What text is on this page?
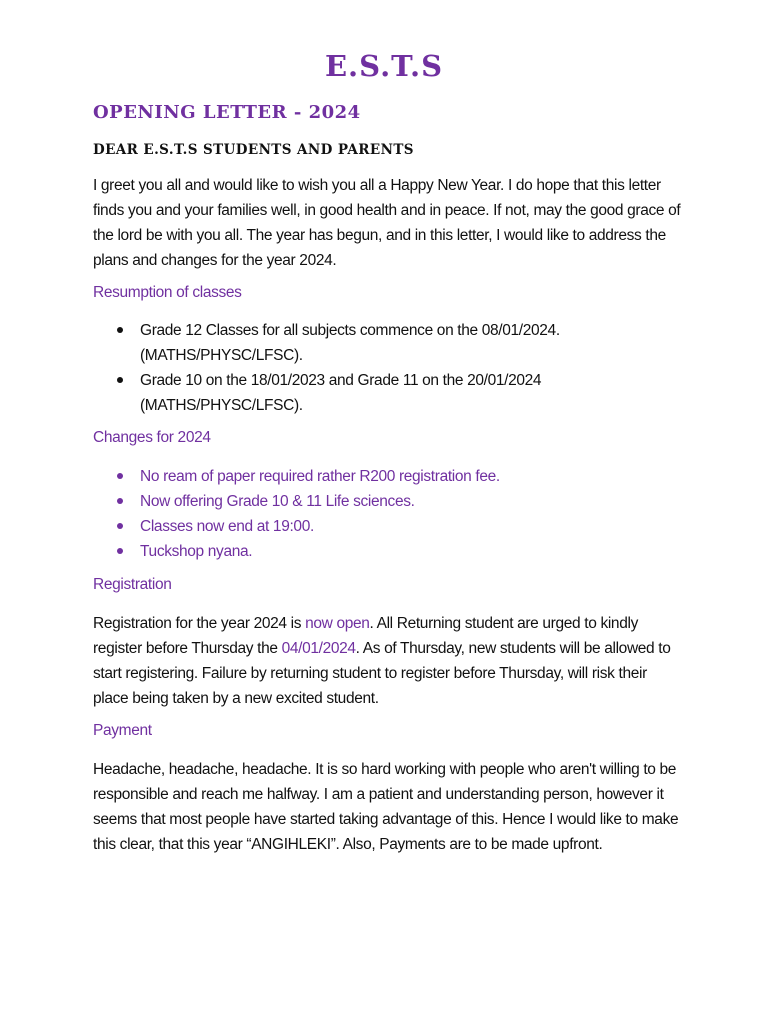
E.S.T.S
OPENING LETTER - 2024

DEAR E.S.T.S STUDENTS AND PARENTS

I greet you all and would like to wish you all a Happy New Year. I do hope that this letter finds you and your families well, in good health and in peace. If not, may the good grace of the lord be with you all. The year has begun, and in this letter, I would like to address the plans and changes for the year 2024.

Resumption of classes
Grade 12 Classes for all subjects commence on the 08/01/2024. (MATHS/PHYSC/LFSC).
Grade 10 on the 18/01/2023 and Grade 11 on the 20/01/2024 (MATHS/PHYSC/LFSC).
Changes for 2024
No ream of paper required rather R200 registration fee.
Now offering Grade 10 & 11 Life sciences.
Classes now end at 19:00.
Tuckshop nyana.
Registration

Registration for the year 2024 is now open. All Returning student are urged to kindly register before Thursday the 04/01/2024. As of Thursday, new students will be allowed to start registering. Failure by returning student to register before Thursday, will risk their place being taken by a new excited student.

Payment

Headache, headache, headache. It is so hard working with people who aren't willing to be responsible and reach me halfway. I am a patient and understanding person, however it seems that most people have started taking advantage of this. Hence I would like to make this clear, that this year “ANGIHLEKI”. Also, Payments are to be made upfront.
